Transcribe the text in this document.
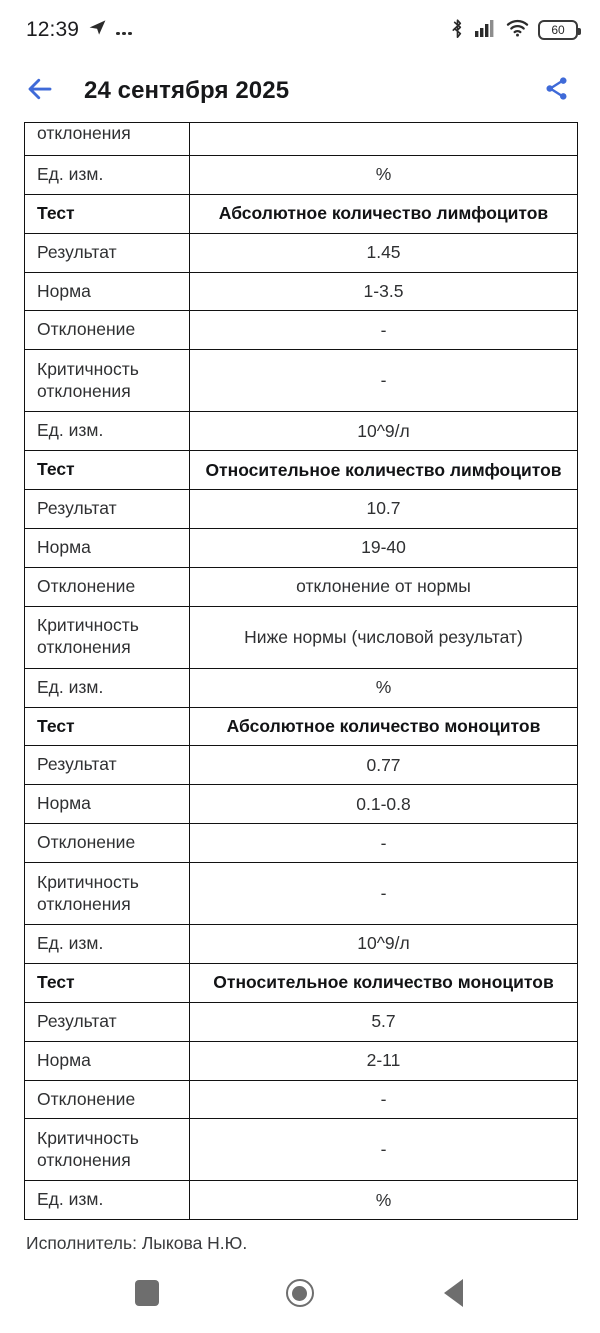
12:39	60
24 сентября 2025
отклонения	
Ед. изм.	%
Тест	Абсолютное количество лимфоцитов
Результат	1.45
Норма	1-3.5
Отклонение	-
Критичность отклонения	-
Ед. изм.	10^9/л
Тест	Относительное количество лимфоцитов
Результат	10.7
Норма	19-40
Отклонение	отклонение от нормы
Критичность отклонения	Ниже нормы (числовой результат)
Ед. изм.	%
Тест	Абсолютное количество моноцитов
Результат	0.77
Норма	0.1-0.8
Отклонение	-
Критичность отклонения	-
Ед. изм.	10^9/л
Тест	Относительное количество моноцитов
Результат	5.7
Норма	2-11
Отклонение	-
Критичность отклонения	-
Ед. изм.	%
Исполнитель: Лыкова Н.Ю.
